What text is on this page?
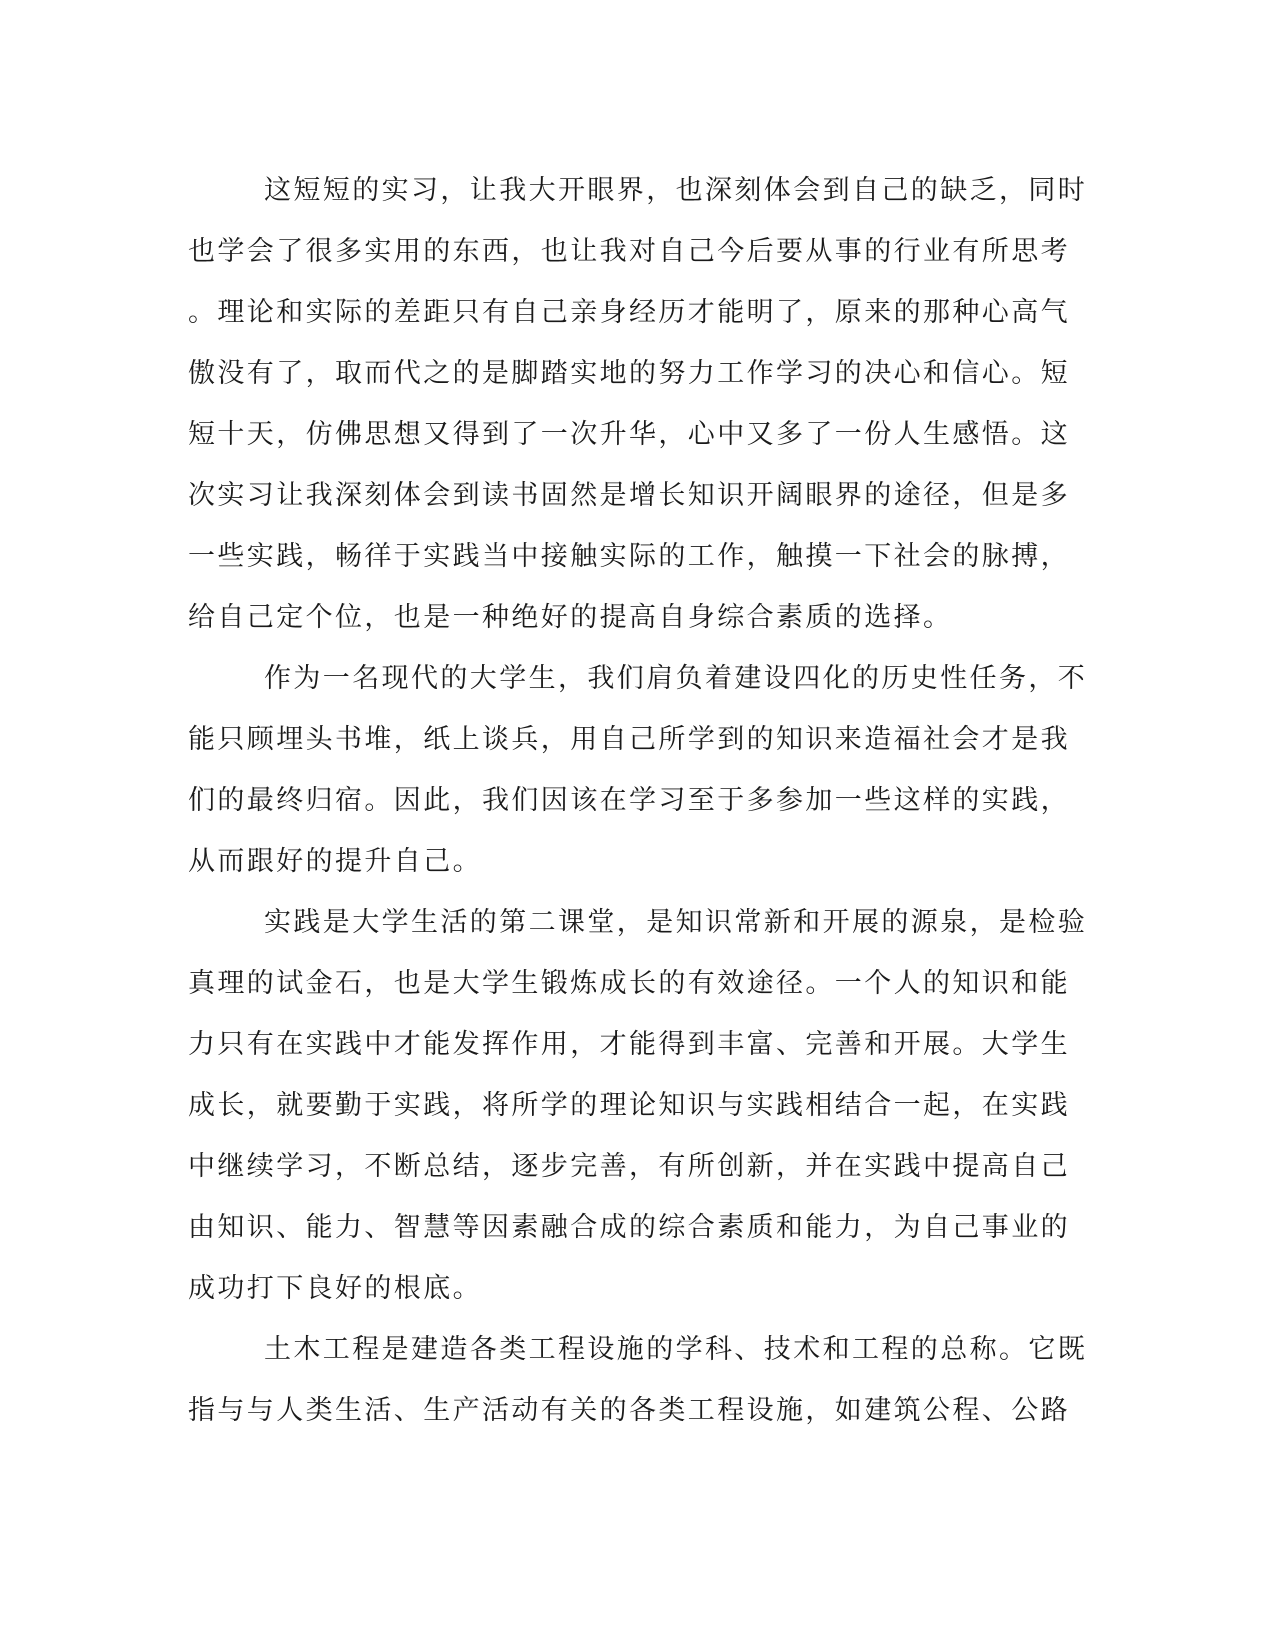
这短短的实习，让我大开眼界，也深刻体会到自己的缺乏，同时
也学会了很多实用的东西，也让我对自己今后要从事的行业有所思考
。理论和实际的差距只有自己亲身经历才能明了，原来的那种心高气
傲没有了，取而代之的是脚踏实地的努力工作学习的决心和信心。短
短十天，仿佛思想又得到了一次升华，心中又多了一份人生感悟。这
次实习让我深刻体会到读书固然是增长知识开阔眼界的途径，但是多
一些实践，畅徉于实践当中接触实际的工作，触摸一下社会的脉搏，
给自己定个位，也是一种绝好的提高自身综合素质的选择。
作为一名现代的大学生，我们肩负着建设四化的历史性任务，不
能只顾埋头书堆，纸上谈兵，用自己所学到的知识来造福社会才是我
们的最终归宿。因此，我们因该在学习至于多参加一些这样的实践，
从而跟好的提升自己。
实践是大学生活的第二课堂，是知识常新和开展的源泉，是检验
真理的试金石，也是大学生锻炼成长的有效途径。一个人的知识和能
力只有在实践中才能发挥作用，才能得到丰富、完善和开展。大学生
成长，就要勤于实践，将所学的理论知识与实践相结合一起，在实践
中继续学习，不断总结，逐步完善，有所创新，并在实践中提高自己
由知识、能力、智慧等因素融合成的综合素质和能力，为自己事业的
成功打下良好的根底。
土木工程是建造各类工程设施的学科、技术和工程的总称。它既
指与与人类生活、生产活动有关的各类工程设施，如建筑公程、公路
